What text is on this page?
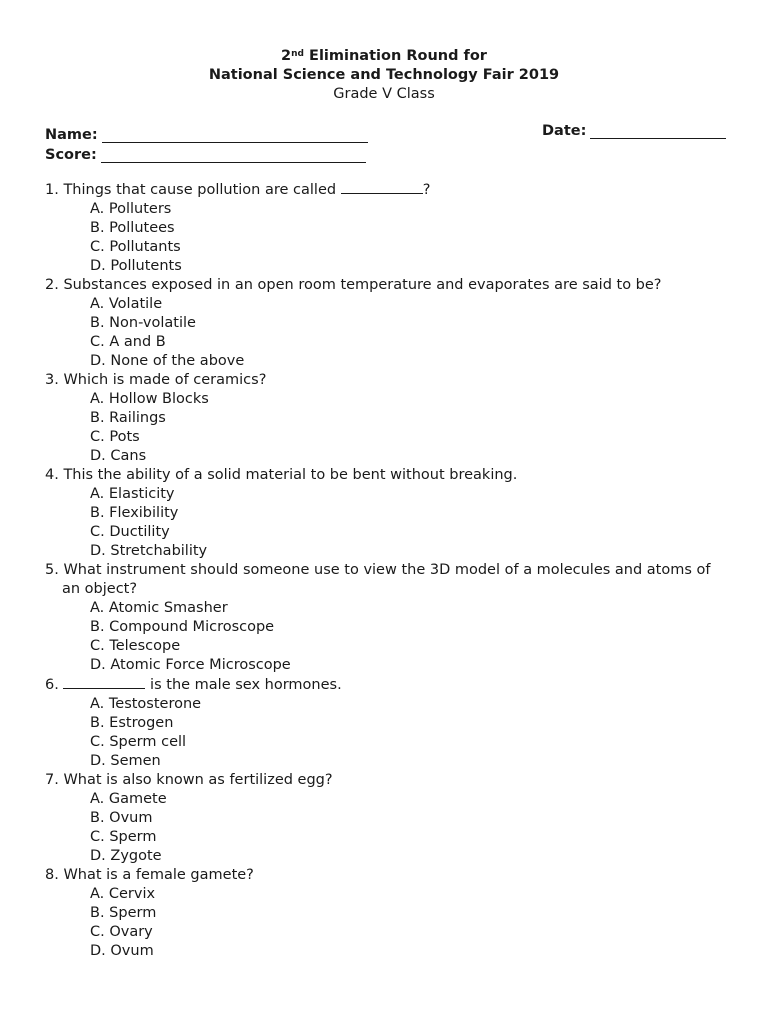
2nd Elimination Round for
National Science and Technology Fair 2019
Grade V Class
Name:	Date:
Score:
1. Things that cause pollution are called	?
A. Polluters
B. Pollutees
C. Pollutants
D. Pollutents
2. Substances exposed in an open room temperature and evaporates are said to be?
A. Volatile
B. Non-volatile
C. A and B
D. None of the above
3. Which is made of ceramics?
A. Hollow Blocks
B. Railings
C. Pots
D. Cans
4. This the ability of a solid material to be bent without breaking.
A. Elasticity
B. Flexibility
C. Ductility
D. Stretchability
5. What instrument should someone use to view the 3D model of a molecules and atoms of an object?
A. Atomic Smasher
B. Compound Microscope
C. Telescope
D. Atomic Force Microscope
6.	is the male sex hormones.
A. Testosterone
B. Estrogen
C. Sperm cell
D. Semen
7. What is also known as fertilized egg?
A. Gamete
B. Ovum
C. Sperm
D. Zygote
8. What is a female gamete?
A. Cervix
B. Sperm
C. Ovary
D. Ovum
